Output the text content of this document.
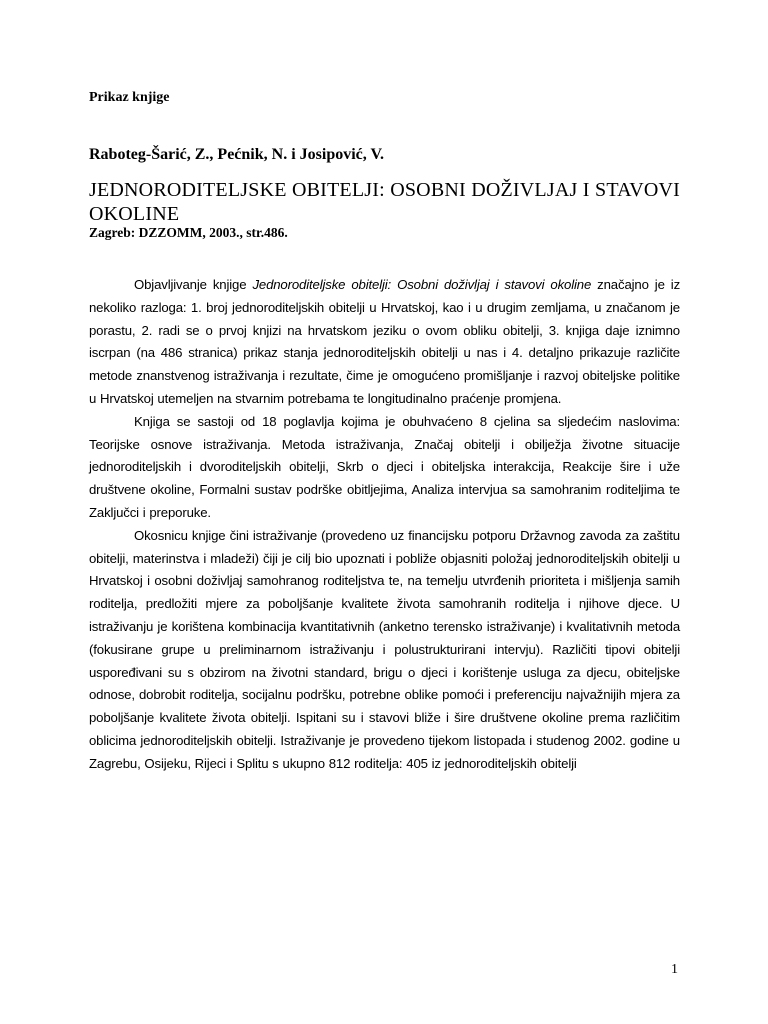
Prikaz knjige

Raboteg-Šarić, Z., Pećnik, N. i Josipović, V.

JEDNORODITELJSKE OBITELJI: OSOBNI DOŽIVLJAJ I STAVOVI OKOLINE

Zagreb: DZZOMM, 2003., str.486.

Objavljivanje knjige Jednoroditeljske obitelji: Osobni doživljaj i stavovi okoline značajno je iz nekoliko razloga: 1. broj jednoroditeljskih obitelji u Hrvatskoj, kao i u drugim zemljama, u značanom je porastu, 2. radi se o prvoj knjizi na hrvatskom jeziku o ovom obliku obitelji, 3. knjiga daje iznimno iscrpan (na 486 stranica) prikaz stanja jednoroditeljskih obitelji u nas i 4. detaljno prikazuje različite metode znanstvenog istraživanja i rezultate, čime je omogućeno promišljanje i razvoj obiteljske politike u Hrvatskoj utemeljen na stvarnim potrebama te longitudinalno praćenje promjena.

Knjiga se sastoji od 18 poglavlja kojima je obuhvaćeno 8 cjelina sa sljedećim naslovima: Teorijske osnove istraživanja. Metoda istraživanja, Značaj obitelji i obilježja životne situacije jednoroditeljskih i dvoroditeljskih obitelji, Skrb o djeci i obiteljska interakcija, Reakcije šire i uže društvene okoline, Formalni sustav podrške obitljejima, Analiza intervjua sa samohranim roditeljima te Zaključci i preporuke.

Okosnicu knjige čini istraživanje (provedeno uz financijsku potporu Državnog zavoda za zaštitu obitelji, materinstva i mladeži) čiji je cilj bio upoznati i pobliže objasniti položaj jednoroditeljskih obitelji u Hrvatskoj i osobni doživljaj samohranog roditeljstva te, na temelju utvrđenih prioriteta i mišljenja samih roditelja, predložiti mjere za poboljšanje kvalitete života samohranih roditelja i njihove djece. U istraživanju je korištena kombinacija kvantitativnih (anketno terensko istraživanje) i kvalitativnih metoda (fokusirane grupe u preliminarnom istraživanju i polustrukturirani intervju). Različiti tipovi obitelji uspoređivani su s obzirom na životni standard, brigu o djeci i korištenje usluga za djecu, obiteljske odnose, dobrobit roditelja, socijalnu podršku, potrebne oblike pomoći i preferenciju najvažnijih mjera za poboljšanje kvalitete života obitelji. Ispitani su i stavovi bliže i šire društvene okoline prema različitim oblicima jednoroditeljskih obitelji. Istraživanje je provedeno tijekom listopada i studenog 2002. godine u Zagrebu, Osijeku, Rijeci i Splitu s ukupno 812 roditelja: 405 iz jednoroditeljskih obitelji

1
